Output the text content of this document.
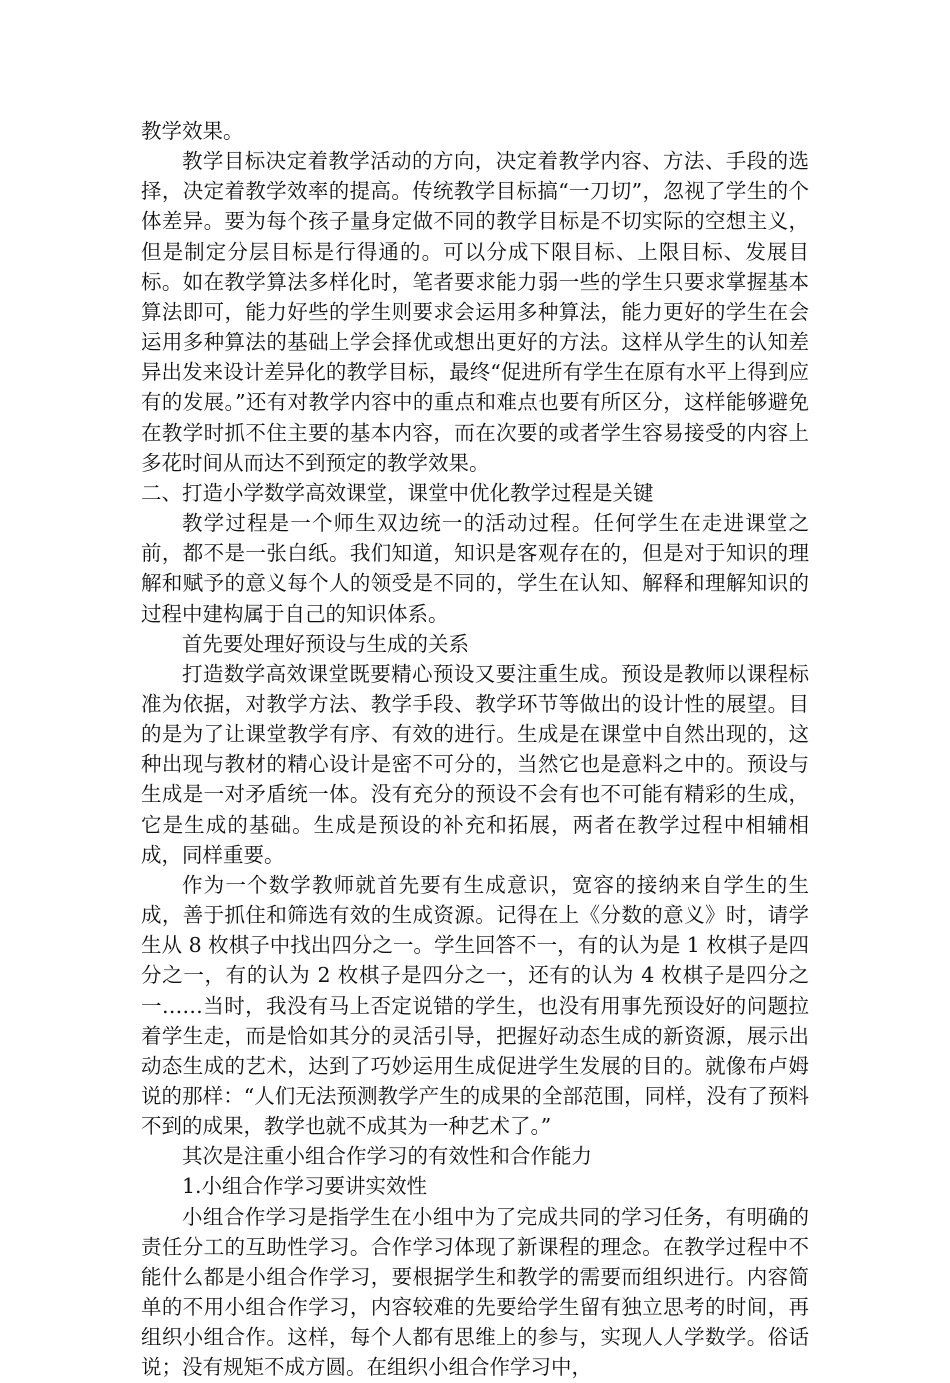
教学效果。

教学目标决定着教学活动的方向，决定着教学内容、方法、手段的选择，决定着教学效率的提高。传统教学目标搞“一刀切”，忽视了学生的个体差异。要为每个孩子量身定做不同的教学目标是不切实际的空想主义，但是制定分层目标是行得通的。可以分成下限目标、上限目标、发展目标。如在教学算法多样化时，笔者要求能力弱一些的学生只要求掌握基本算法即可，能力好些的学生则要求会运用多种算法，能力更好的学生在会运用多种算法的基础上学会择优或想出更好的方法。这样从学生的认知差异出发来设计差异化的教学目标，最终“促进所有学生在原有水平上得到应有的发展。”还有对教学内容中的重点和难点也要有所区分，这样能够避免在教学时抓不住主要的基本内容，而在次要的或者学生容易接受的内容上多花时间从而达不到预定的教学效果。

二、打造小学数学高效课堂，课堂中优化教学过程是关键

教学过程是一个师生双边统一的活动过程。任何学生在走进课堂之前，都不是一张白纸。我们知道，知识是客观存在的，但是对于知识的理解和赋予的意义每个人的领受是不同的，学生在认知、解释和理解知识的过程中建构属于自己的知识体系。

首先要处理好预设与生成的关系

打造数学高效课堂既要精心预设又要注重生成。预设是教师以课程标准为依据，对教学方法、教学手段、教学环节等做出的设计性的展望。目的是为了让课堂教学有序、有效的进行。生成是在课堂中自然出现的，这种出现与教材的精心设计是密不可分的，当然它也是意料之中的。预设与生成是一对矛盾统一体。没有充分的预设不会有也不可能有精彩的生成，它是生成的基础。生成是预设的补充和拓展，两者在教学过程中相辅相成，同样重要。

作为一个数学教师就首先要有生成意识，宽容的接纳来自学生的生成，善于抓住和筛选有效的生成资源。记得在上《分数的意义》时，请学生从 8 枚棋子中找出四分之一。学生回答不一，有的认为是 1 枚棋子是四分之一，有的认为 2 枚棋子是四分之一，还有的认为 4 枚棋子是四分之一……当时，我没有马上否定说错的学生，也没有用事先预设好的问题拉着学生走，而是恰如其分的灵活引导，把握好动态生成的新资源，展示出动态生成的艺术，达到了巧妙运用生成促进学生发展的目的。就像布卢姆说的那样：“人们无法预测教学产生的成果的全部范围，同样，没有了预料不到的成果，教学也就不成其为一种艺术了。”

其次是注重小组合作学习的有效性和合作能力

1.小组合作学习要讲实效性

小组合作学习是指学生在小组中为了完成共同的学习任务，有明确的责任分工的互助性学习。合作学习体现了新课程的理念。在教学过程中不能什么都是小组合作学习，要根据学生和教学的需要而组织进行。内容简单的不用小组合作学习，内容较难的先要给学生留有独立思考的时间，再组织小组合作。这样，每个人都有思维上的参与，实现人人学数学。俗话说；没有规矩不成方圆。在组织小组合作学习中，
